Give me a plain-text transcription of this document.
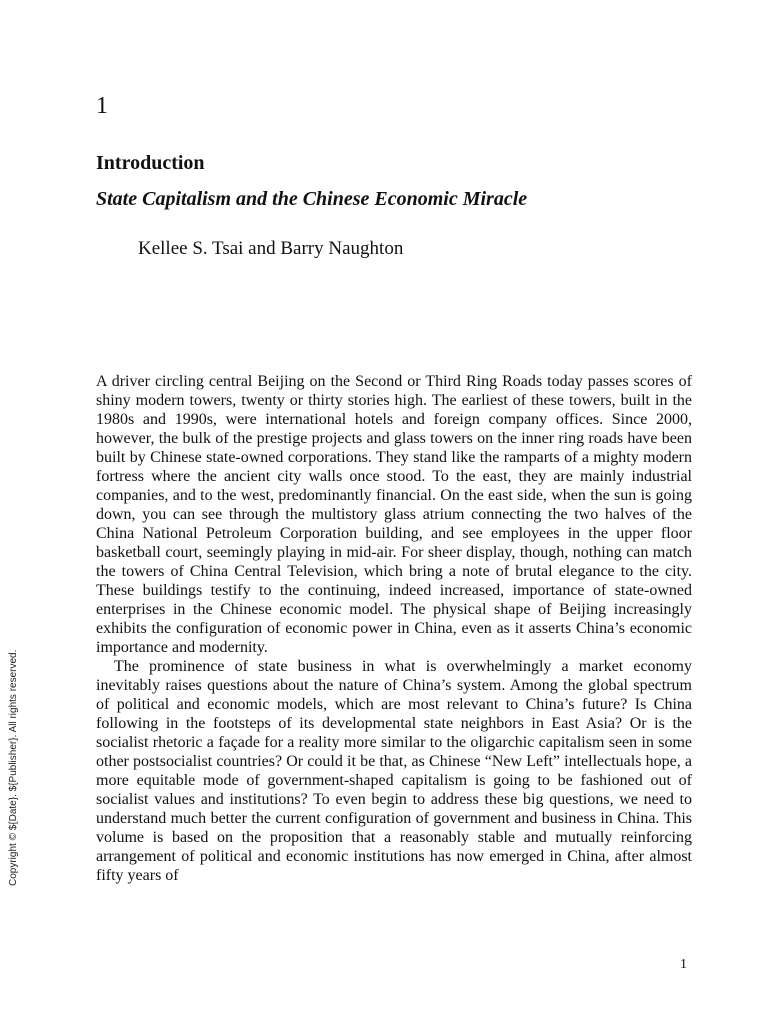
1
Introduction
State Capitalism and the Chinese Economic Miracle
Kellee S. Tsai and Barry Naughton

A driver circling central Beijing on the Second or Third Ring Roads today passes scores of shiny modern towers, twenty or thirty stories high. The earliest of these towers, built in the 1980s and 1990s, were international hotels and foreign company offices. Since 2000, however, the bulk of the prestige projects and glass towers on the inner ring roads have been built by Chinese state-owned corporations. They stand like the ramparts of a mighty modern fortress where the ancient city walls once stood. To the east, they are mainly industrial companies, and to the west, predominantly financial. On the east side, when the sun is going down, you can see through the multistory glass atrium connecting the two halves of the China National Petroleum Corporation building, and see employees in the upper floor basketball court, seemingly playing in mid-air. For sheer display, though, nothing can match the towers of China Central Television, which bring a note of brutal elegance to the city. These buildings testify to the continuing, indeed increased, importance of state-owned enterprises in the Chinese economic model. The physical shape of Beijing increasingly exhibits the configuration of economic power in China, even as it asserts China’s economic importance and modernity.

The prominence of state business in what is overwhelmingly a market economy inevitably raises questions about the nature of China’s system. Among the global spectrum of political and economic models, which are most relevant to China’s future? Is China following in the footsteps of its developmental state neighbors in East Asia? Or is the socialist rhetoric a façade for a reality more similar to the oligarchic capitalism seen in some other postsocialist countries? Or could it be that, as Chinese “New Left” intellectuals hope, a more equitable mode of government-shaped capitalism is going to be fashioned out of socialist values and institutions? To even begin to address these big questions, we need to understand much better the current configuration of government and business in China. This volume is based on the proposition that a reasonably stable and mutually reinforcing arrangement of political and economic institutions has now emerged in China, after almost fifty years of

1
Copyright © ${Date}. ${Publisher}. All rights reserved.
